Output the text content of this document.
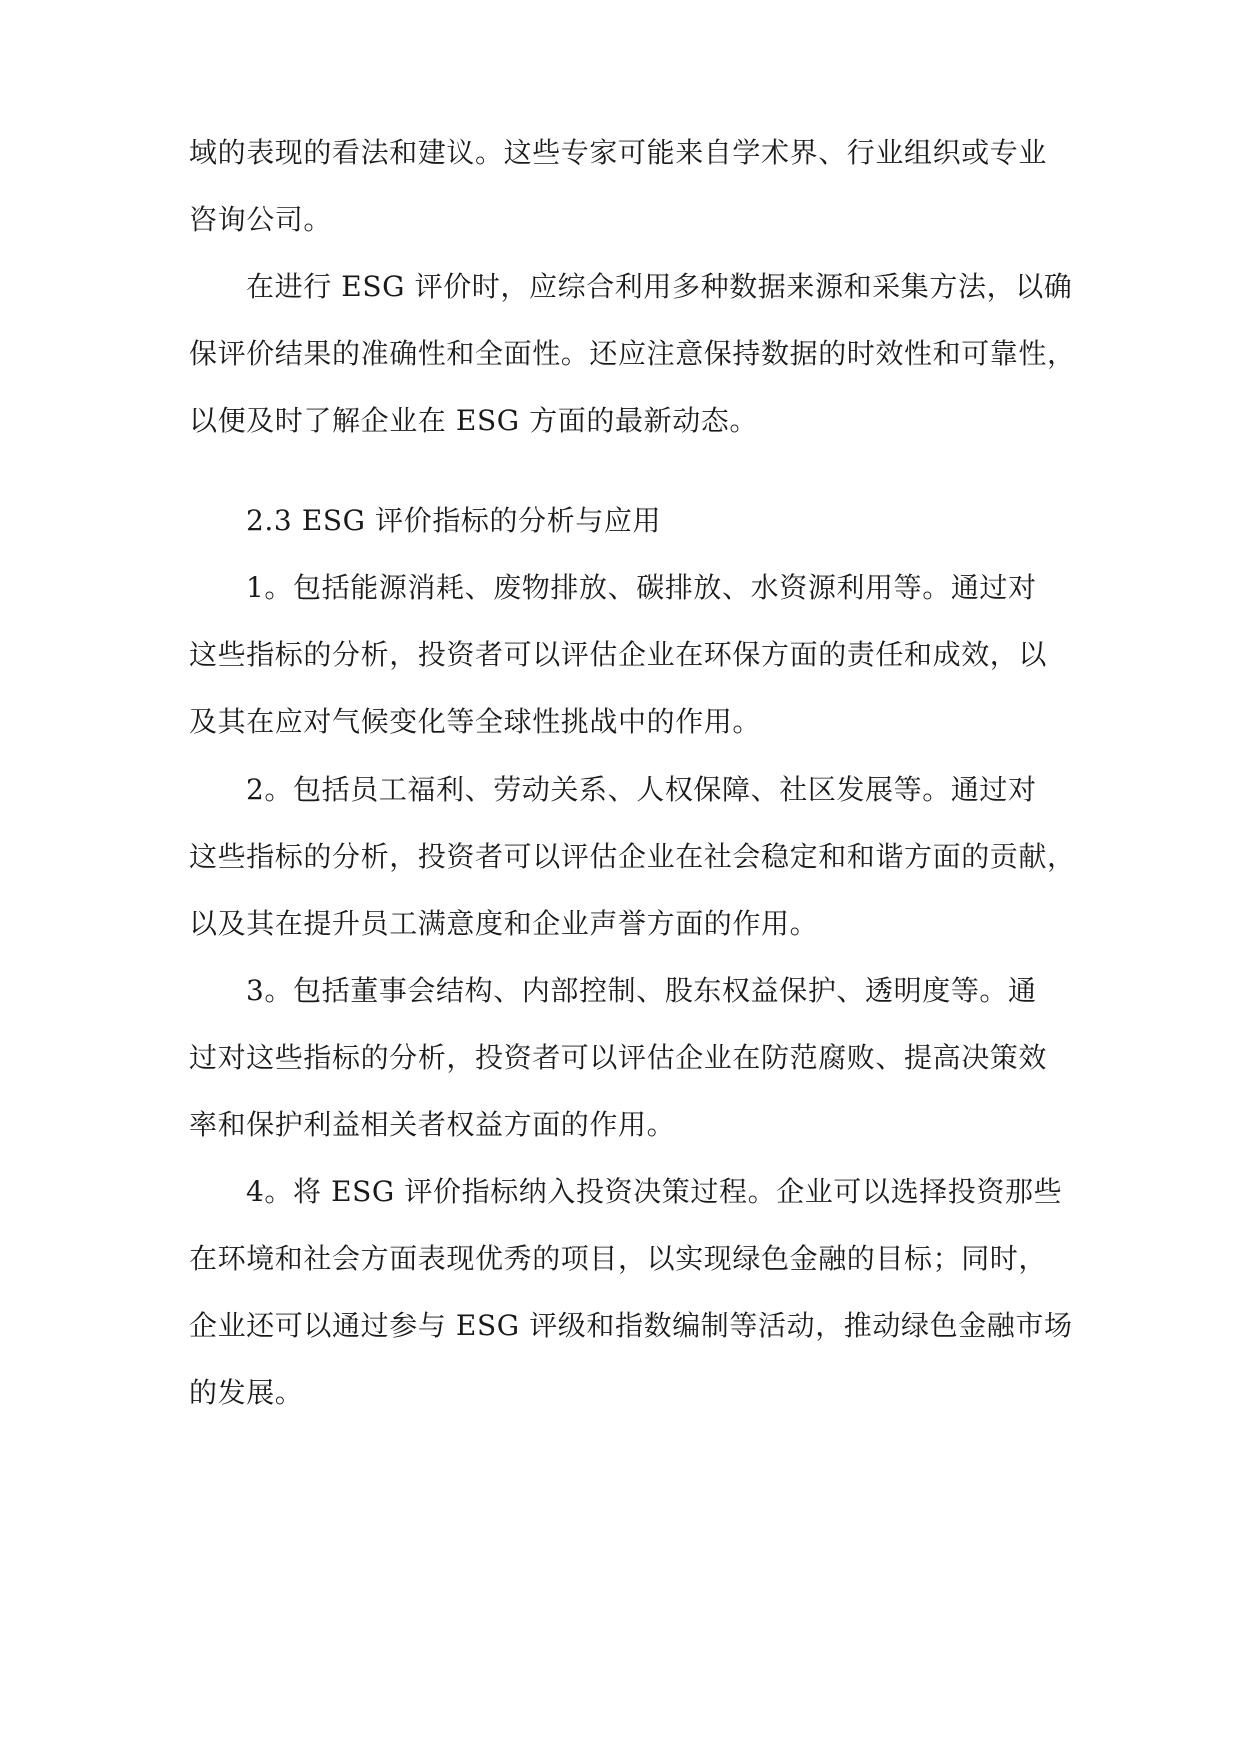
域的表现的看法和建议。这些专家可能来自学术界、行业组织或专业

咨询公司。

在进行 ESG 评价时，应综合利用多种数据来源和采集方法，以确

保评价结果的准确性和全面性。还应注意保持数据的时效性和可靠性，

以便及时了解企业在 ESG 方面的最新动态。

2.3 ESG 评价指标的分析与应用

1。包括能源消耗、废物排放、碳排放、水资源利用等。通过对

这些指标的分析，投资者可以评估企业在环保方面的责任和成效，以

及其在应对气候变化等全球性挑战中的作用。

2。包括员工福利、劳动关系、人权保障、社区发展等。通过对

这些指标的分析，投资者可以评估企业在社会稳定和和谐方面的贡献，

以及其在提升员工满意度和企业声誉方面的作用。

3。包括董事会结构、内部控制、股东权益保护、透明度等。通

过对这些指标的分析，投资者可以评估企业在防范腐败、提高决策效

率和保护利益相关者权益方面的作用。

4。将 ESG 评价指标纳入投资决策过程。企业可以选择投资那些

在环境和社会方面表现优秀的项目，以实现绿色金融的目标；同时，

企业还可以通过参与 ESG 评级和指数编制等活动，推动绿色金融市场

的发展。
